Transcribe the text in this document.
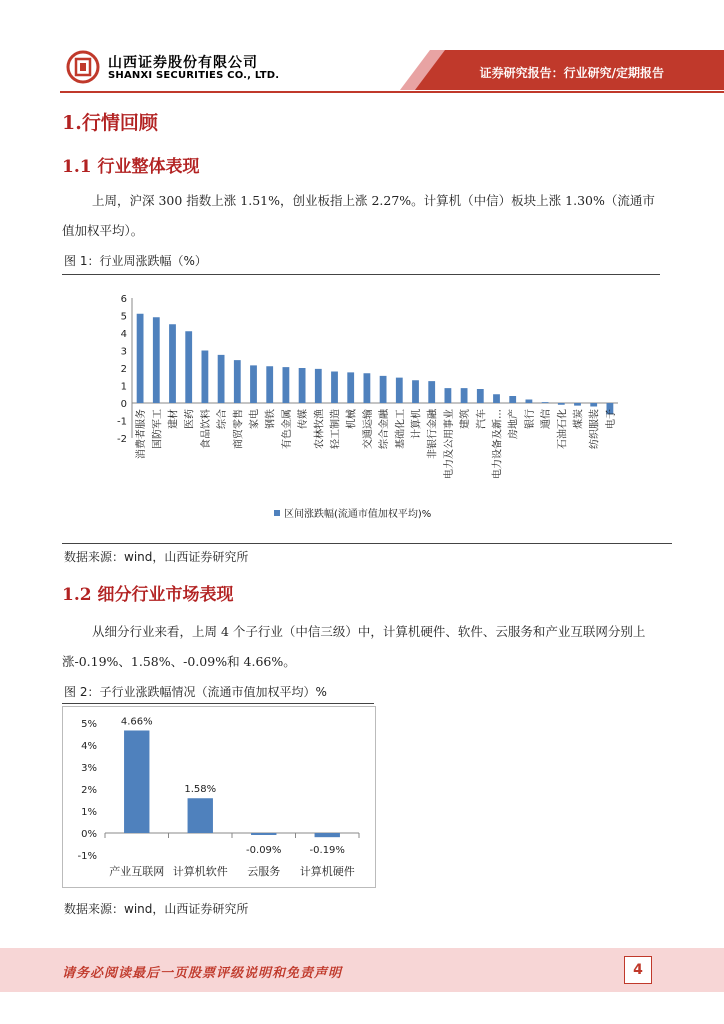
山西证券股份有限公司
SHANXI SECURITIES CO., LTD.	证券研究报告：行业研究/定期报告
1.行情回顾
1.1 行业整体表现
上周，沪深 300 指数上涨 1.51%，创业板指上涨 2.27%。计算机（中信）板块上涨 1.30%（流通市值加权平均）。
图 1：行业周涨跌幅（%）
6
5
4
3
2
1
0
-1
-2 消费者服务 国防军工 建材 医药 食品饮料 综合 商贸零售 家电 钢铁 有色金属 传媒 农林牧渔 轻工制造 机械 交通运输 综合金融 基础化工 计算机 非银行金融 电力及公用事业 建筑 汽车 电力设备及新… 房地产 银行 通信 石油石化 煤炭 纺织服装 电子
区间涨跌幅(流通市值加权平均)%
数据来源：wind，山西证券研究所
1.2 细分行业市场表现
从细分行业来看，上周 4 个子行业（中信三级）中，计算机硬件、软件、云服务和产业互联网分别上涨-0.19%、1.58%、-0.09%和 4.66%。
图 2：子行业涨跌幅情况（流通市值加权平均）%
5%
4%
3%
2%
1%
0%
-1%
4.66%
产业互联网
1.58%
计算机软件
-0.09%
云服务
-0.19%
计算机硬件
数据来源：wind，山西证券研究所
请务必阅读最后一页股票评级说明和免责声明	4
